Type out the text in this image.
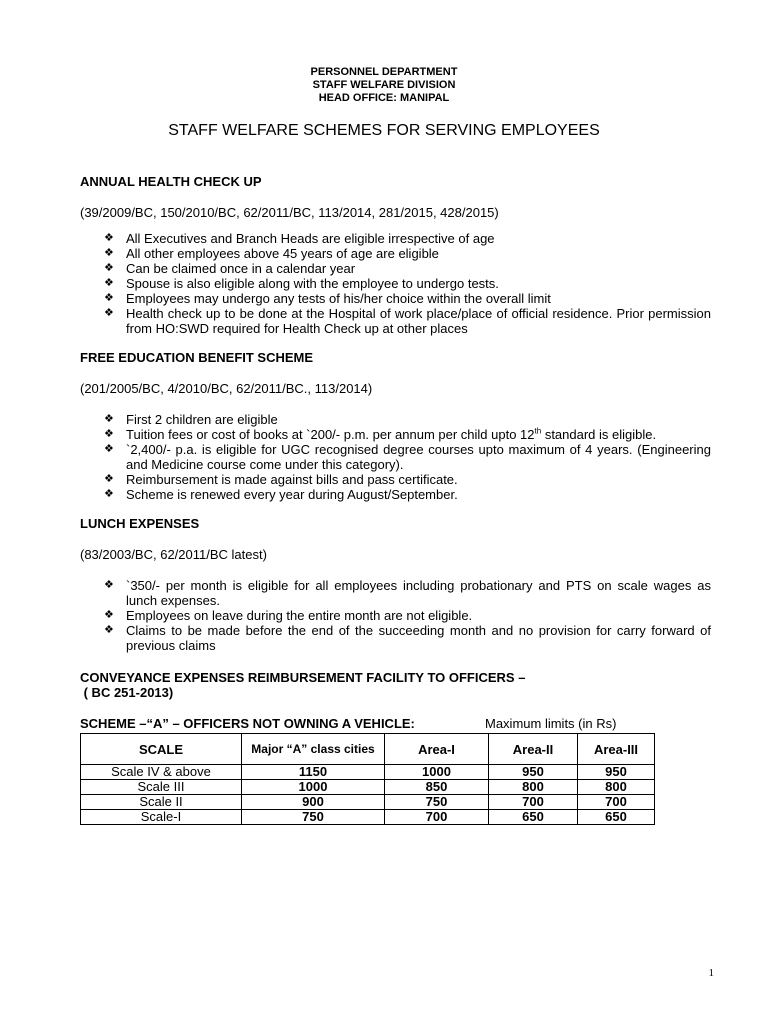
PERSONNEL DEPARTMENT
STAFF WELFARE DIVISION
HEAD OFFICE: MANIPAL
STAFF WELFARE SCHEMES FOR SERVING EMPLOYEES
ANNUAL HEALTH CHECK UP
(39/2009/BC, 150/2010/BC, 62/2011/BC, 113/2014, 281/2015, 428/2015)
❖ All Executives and Branch Heads are eligible irrespective of age
❖ All other employees above 45 years of age are eligible
❖ Can be claimed once in a calendar year
❖ Spouse is also eligible along with the employee to undergo tests.
❖ Employees may undergo any tests of his/her choice within the overall limit
❖ Health check up to be done at the Hospital of work place/place of official residence. Prior permission from HO:SWD required for Health Check up at other places
FREE EDUCATION BENEFIT SCHEME
(201/2005/BC, 4/2010/BC, 62/2011/BC., 113/2014)
❖ First 2 children are eligible
❖ Tuition fees or cost of books at `200/- p.m. per annum per child upto 12th standard is eligible.
❖ `2,400/- p.a. is eligible for UGC recognised degree courses upto maximum of 4 years. (Engineering and Medicine course come under this category).
❖ Reimbursement is made against bills and pass certificate.
❖ Scheme is renewed every year during August/September.
LUNCH EXPENSES
(83/2003/BC, 62/2011/BC latest)
❖ `350/- per month is eligible for all employees including probationary and PTS on scale wages as lunch expenses.
❖ Employees on leave during the entire month are not eligible.
❖ Claims to be made before the end of the succeeding month and no provision for carry forward of previous claims
CONVEYANCE EXPENSES REIMBURSEMENT FACILITY TO OFFICERS –
( BC 251-2013)
SCHEME –“A” – OFFICERS NOT OWNING A VEHICLE:	Maximum limits (in Rs)
SCALE	Major “A” class cities	Area-I	Area-II	Area-III
Scale IV & above	1150	1000	950	950
Scale III	1000	850	800	800
Scale II	900	750	700	700
Scale-I	750	700	650	650
1
